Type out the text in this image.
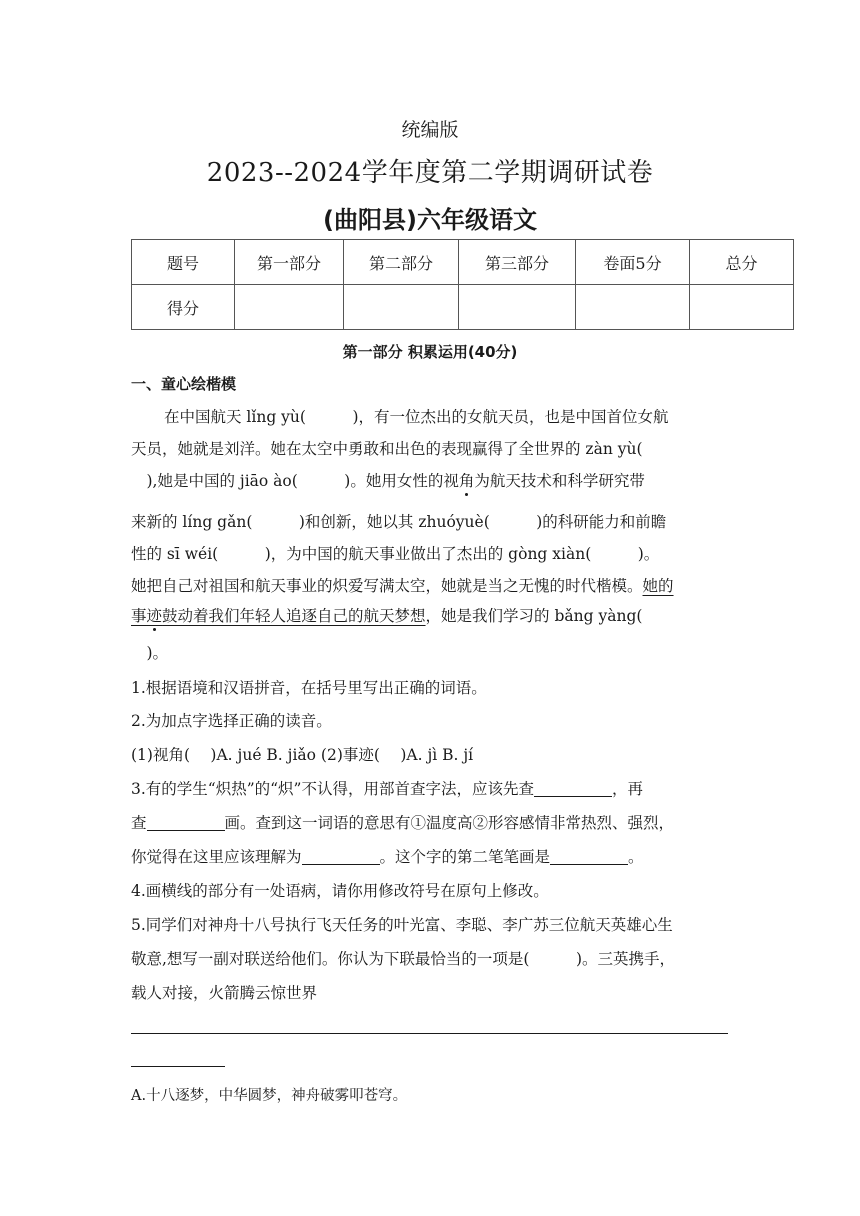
统编版
2023--2024学年度第二学期调研试卷
(曲阳县)六年级语文
题号	第一部分	第二部分	第三部分	卷面5分	总分
得分					
第一部分 积累运用(40分)
一、童心绘楷模
在中国航天 lǐng yù(　　　)，有一位杰出的女航天员，也是中国首位女航
天员，她就是刘洋。她在太空中勇敢和出色的表现赢得了全世界的 zàn yù(
　),她是中国的 jiāo ào(　　　)。她用女性的视角为航天技术和科学研究带
来新的 líng gǎn(　　　)和创新，她以其 zhuóyuè(　　　)的科研能力和前瞻
性的 sī wéi(　　　)，为中国的航天事业做出了杰出的 gòng xiàn(　　　)。
她把自己对祖国和航天事业的炽爱写满太空，她就是当之无愧的时代楷模。她的
事迹鼓动着我们年轻人追逐自己的航天梦想，她是我们学习的 bǎng yàng(
　)。
1.根据语境和汉语拼音，在括号里写出正确的词语。
2.为加点字选择正确的读音。
(1)视角(　 )A. jué B. jiǎo (2)事迹(　 )A. jì B. jí
3.有的学生“炽热”的“炽”不认得，用部首查字法，应该先查	，再
查	画。查到这一词语的意思有①温度高②形容感情非常热烈、强烈，
你觉得在这里应该理解为	。这个字的第二笔笔画是	。
4.画横线的部分有一处语病，请你用修改符号在原句上修改。
5.同学们对神舟十八号执行飞天任务的叶光富、李聪、李广苏三位航天英雄心生
敬意,想写一副对联送给他们。你认为下联最恰当的一项是(　　　)。三英携手，
载人对接，火箭腾云惊世界
A.十八逐梦，中华圆梦，神舟破雾叩苍穹。
